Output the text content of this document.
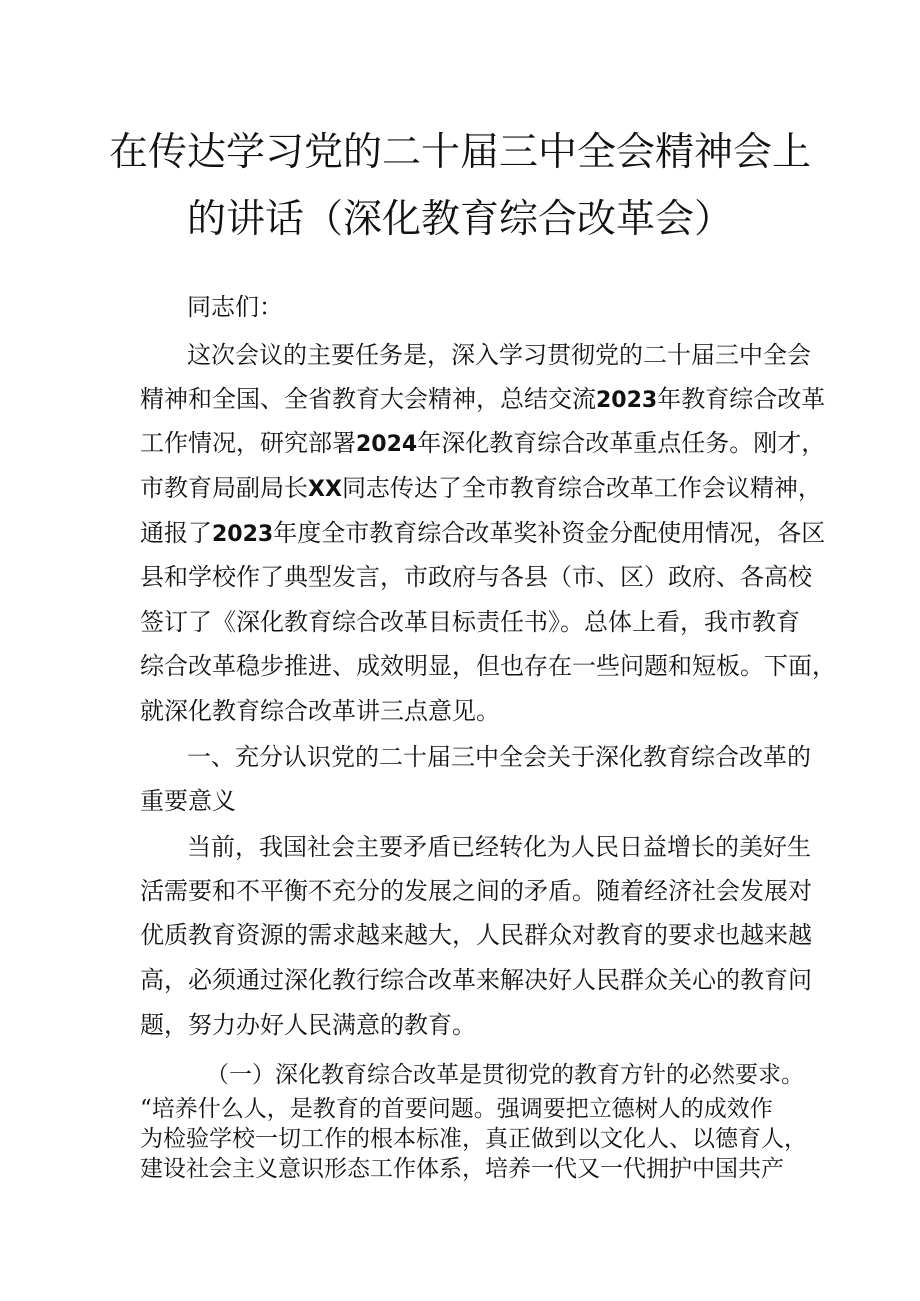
在传达学习党的二十届三中全会精神会上
的讲话（深化教育综合改革会）
同志们：
这次会议的主要任务是，深入学习贯彻党的二十届三中全会
精神和全国、全省教育大会精神，总结交流2023年教育综合改革
工作情况，研究部署2024年深化教育综合改革重点任务。刚才，
市教育局副局长XX同志传达了全市教育综合改革工作会议精神，
通报了2023年度全市教育综合改革奖补资金分配使用情况，各区
县和学校作了典型发言，市政府与各县（市、区）政府、各高校
签订了《深化教育综合改革目标责任书》。总体上看，我市教育
综合改革稳步推进、成效明显，但也存在一些问题和短板。下面，
就深化教育综合改革讲三点意见。
一、充分认识党的二十届三中全会关于深化教育综合改革的
重要意义
当前，我国社会主要矛盾已经转化为人民日益增长的美好生
活需要和不平衡不充分的发展之间的矛盾。随着经济社会发展对
优质教育资源的需求越来越大，人民群众对教育的要求也越来越
高，必须通过深化教行综合改革来解决好人民群众关心的教育问
题，努力办好人民满意的教育。
（一）深化教育综合改革是贯彻党的教育方针的必然要求。
“培养什么人，是教育的首要问题。强调要把立德树人的成效作
为检验学校一切工作的根本标准，真正做到以文化人、以德育人，
建设社会主义意识形态工作体系，培养一代又一代拥护中国共产
